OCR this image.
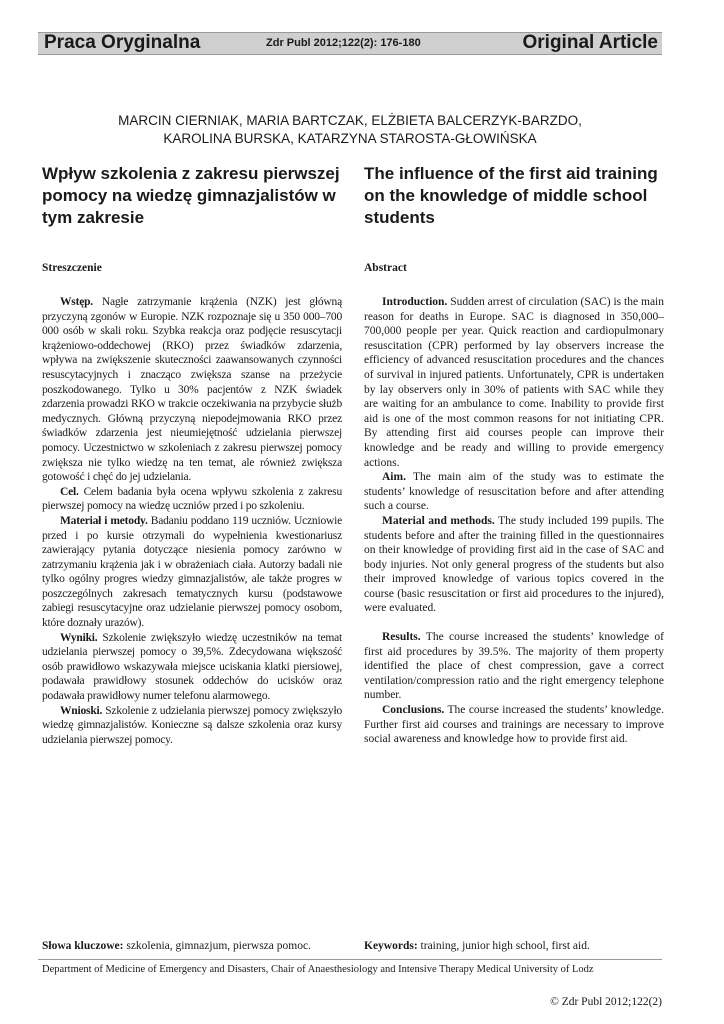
Praca Oryginalna	Zdr Publ 2012;122(2): 176-180	Original Article
MARCIN CIERNIAK, MARIA BARTCZAK, ELŻBIETA BALCERZYK-BARZDO,
KAROLINA BURSKA, KATARZYNA STAROSTA-GŁOWIŃSKA
Wpływ szkolenia z zakresu pierwszej pomocy na wiedzę gimnazjalistów w tym zakresie
The influence of the first aid training on the knowledge of middle school students
Streszczenie	Abstract

Wstęp. Nagłe zatrzymanie krążenia (NZK) jest główną przyczyną zgonów w Europie. NZK rozpoznaje się u 350 000–700 000 osób w skali roku. Szybka reakcja oraz podjęcie resuscytacji krążeniowo-oddechowej (RKO) przez świadków zdarzenia, wpływa na zwiększenie skuteczności zaawansowanych czynności resuscytacyjnych i znacząco zwiększa szanse na przeżycie poszkodowanego. Tylko u 30% pacjentów z NZK świadek zdarzenia prowadzi RKO w trakcie oczekiwania na przybycie służb medycznych. Główną przyczyną niepodejmowania RKO przez świadków zdarzenia jest nieumiejętność udzielania pierwszej pomocy. Uczestnictwo w szkoleniach z zakresu pierwszej pomocy zwiększa nie tylko wiedzę na ten temat, ale również zwiększa gotowość i chęć do jej udzielania.

Cel. Celem badania była ocena wpływu szkolenia z zakresu pierwszej pomocy na wiedzę uczniów przed i po szkoleniu.

Materiał i metody. Badaniu poddano 119 uczniów. Uczniowie przed i po kursie otrzymali do wypełnienia kwestionariusz zawierający pytania dotyczące niesienia pomocy zarówno w zatrzymaniu krążenia jak i w obrażeniach ciała. Autorzy badali nie tylko ogólny progres wiedzy gimnazjalistów, ale także progres w poszczególnych zakresach tematycznych kursu (podstawowe zabiegi resuscytacyjne oraz udzielanie pierwszej pomocy osobom, które doznały urazów).

Wyniki. Szkolenie zwiększyło wiedzę uczestników na temat udzielania pierwszej pomocy o 39,5%. Zdecydowana większość osób prawidłowo wskazywała miejsce uciskania klatki piersiowej, podawała prawidłowy stosunek oddechów do ucisków oraz podawała prawidłowy numer telefonu alarmowego.

Wnioski. Szkolenie z udzielania pierwszej pomocy zwiększyło wiedzę gimnazjalistów. Konieczne są dalsze szkolenia oraz kursy udzielania pierwszej pomocy.

Introduction. Sudden arrest of circulation (SAC) is the main reason for deaths in Europe. SAC is diagnosed in 350,000–700,000 people per year. Quick reaction and cardiopulmonary resuscitation (CPR) performed by lay observers increase the efficiency of advanced resuscitation procedures and the chances of survival in injured patients. Unfortunately, CPR is undertaken by lay observers only in 30% of patients with SAC while they are waiting for an ambulance to come. Inability to provide first aid is one of the most common reasons for not initiating CPR. By attending first aid courses people can improve their knowledge and be ready and willing to provide emergency actions.

Aim. The main aim of the study was to estimate the students’ knowledge of resuscitation before and after attending such a course.

Material and methods. The study included 199 pupils. The students before and after the training filled in the questionnaires on their knowledge of providing first aid in the case of SAC and body injuries. Not only general progress of the students but also their improved knowledge of various topics covered in the course (basic resuscitation or first aid procedures to the injured), were evaluated.

Results. The course increased the students’ knowledge of first aid procedures by 39.5%. The majority of them property identified the place of chest compression, gave a correct ventilation/compression ratio and the right emergency telephone number.

Conclusions. The course increased the students’ knowledge. Further first aid courses and trainings are necessary to improve social awareness and knowledge how to provide first aid.

Słowa kluczowe: szkolenia, gimnazjum, pierwsza pomoc.	Keywords: training, junior high school, first aid.
Department of Medicine of Emergency and Disasters, Chair of Anaesthesiology and Intensive Therapy Medical University of Lodz
© Zdr Publ 2012;122(2)
